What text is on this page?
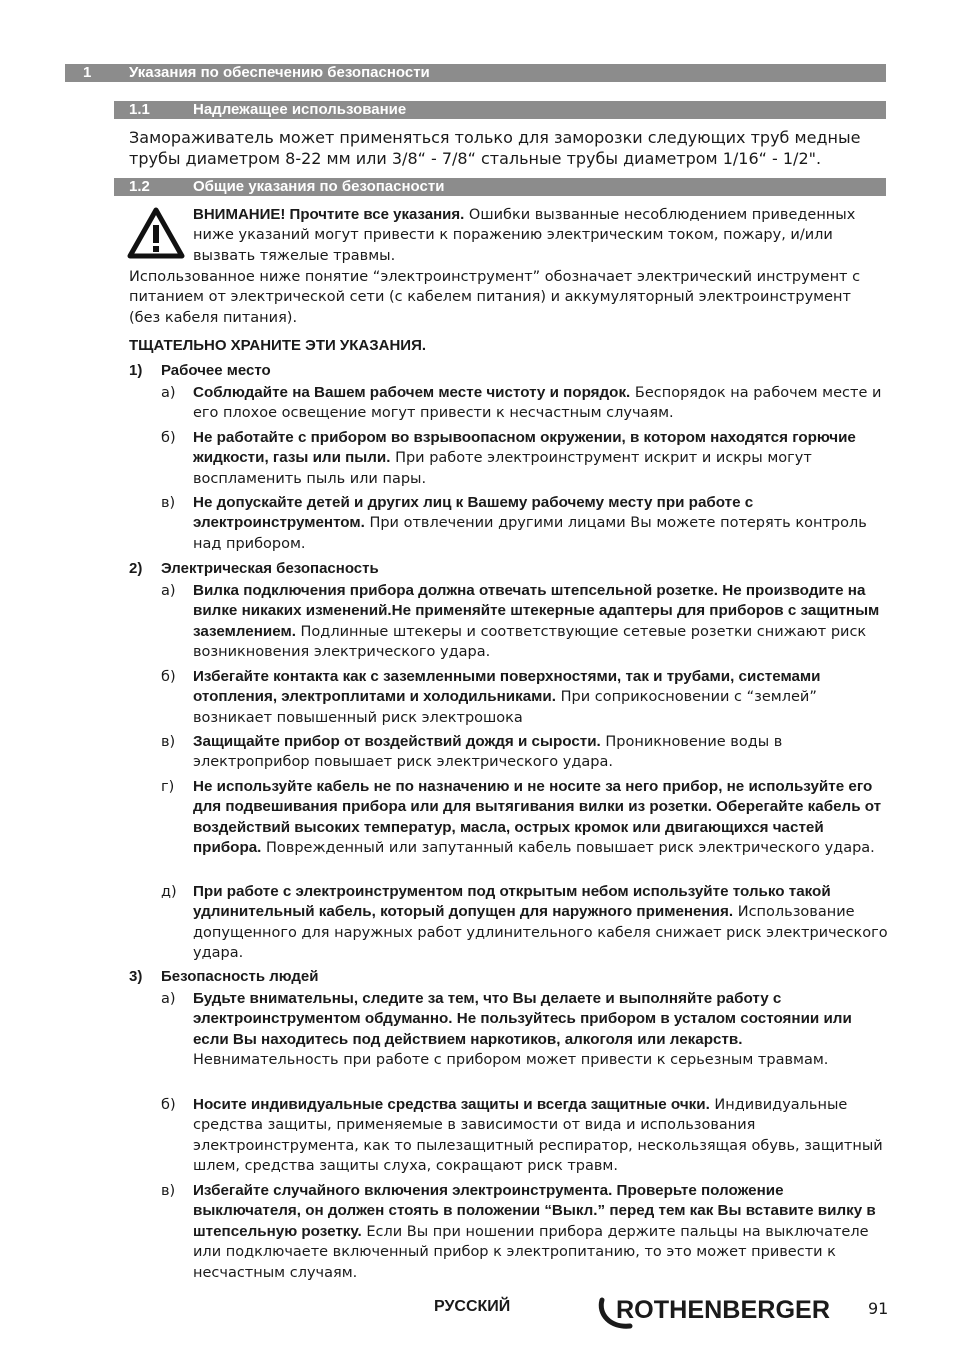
1	Указания по обеспечению безопасности
1.1	Надлежащее использование
Замораживатель может применяться только для заморозки следующих труб медные трубы диаметром 8-22 мм или 3/8“ - 7/8“ стальные трубы диаметром 1/16“ - 1/2".
1.2	Общие указания по безопасности
ВНИМАНИЕ! Прочтите все указания. Ошибки вызванные несоблюдением приведенных ниже указаний могут привести к поражению электрическим током, пожару, и/или вызвать тяжелые травмы.
Использованное ниже понятие “электроинструмент” обозначает электрический инструмент с питанием от электрической сети (с кабелем питания) и аккумуляторный электроинструмент (без кабеля питания).
ТЩАТЕЛЬНО ХРАНИТЕ ЭТИ УКАЗАНИЯ.
1) Рабочее место
а) Соблюдайте на Вашем рабочем месте чистоту и порядок. Беспорядок на рабочем месте и его плохое освещение могут привести к несчастным случаям.
б) Не работайте с прибором во взрывоопасном окружении, в котором находятся горючие жидкости, газы или пыли. При работе электроинструмент искрит и искры могут воспламенить пыль или пары.
в) Не допускайте детей и других лиц к Вашему рабочему месту при работе с электроинструментом. При отвлечении другими лицами Вы можете потерять контроль над прибором.
2) Электрическая безопасность
а) Вилка подключения прибора должна отвечать штепсельной розетке. Не производите на вилке никаких изменений.Не применяйте штекерные адаптеры для приборов с защитным заземлением. Подлинные штекеры и соответствующие сетевые розетки снижают риск возникновения электрического удара.
б) Избегайте контакта как с заземленными поверхностями, так и трубами, системами отопления, электроплитами и холодильниками. При соприкосновении с “землей” возникает повышенный риск электрошока
в) Защищайте прибор от воздействий дождя и сырости. Проникновение воды в электроприбор повышает риск электрического удара.
г) Не используйте кабель не по назначению и не носите за него прибор, не используйте его для подвешивания прибора или для вытягивания вилки из розетки. Оберегайте кабель от воздействий высоких температур, масла, острых кромок или двигающихся частей прибора. Поврежденный или запутанный кабель повышает риск электрического удара.
д) При работе с электроинструментом под открытым небом используйте только такой удлинительный кабель, который допущен для наружного применения. Использование допущенного для наружных работ удлинительного кабеля снижает риск электрического удара.
3) Безопасность людей
а) Будьте внимательны, следите за тем, что Вы делаете и выполняйте работу с электроинструментом обдуманно. Не пользуйтесь прибором в усталом состоянии или если Вы находитесь под действием наркотиков, алкоголя или лекарств. Невнимательность при работе с прибором может привести к серьезным травмам.
б) Носите индивидуальные средства защиты и всегда защитные очки. Индивидуальные средства защиты, применяемые в зависимости от вида и использования электроинструмента, как то пылезащитный респиратор, нескользящая обувь, защитный шлем, средства защиты слуха, сокращают риск травм.
в) Избегайте случайного включения электроинструмента. Проверьте положение выключателя, он должен стоять в положении “Выкл.” перед тем как Вы вставите вилку в штепсельную розетку. Если Вы при ношении прибора держите пальцы на выключателе или подключаете включенный прибор к электропитанию, то это может привести к несчастным случаям.
РУССКИЙ	ROTHENBERGER 91
